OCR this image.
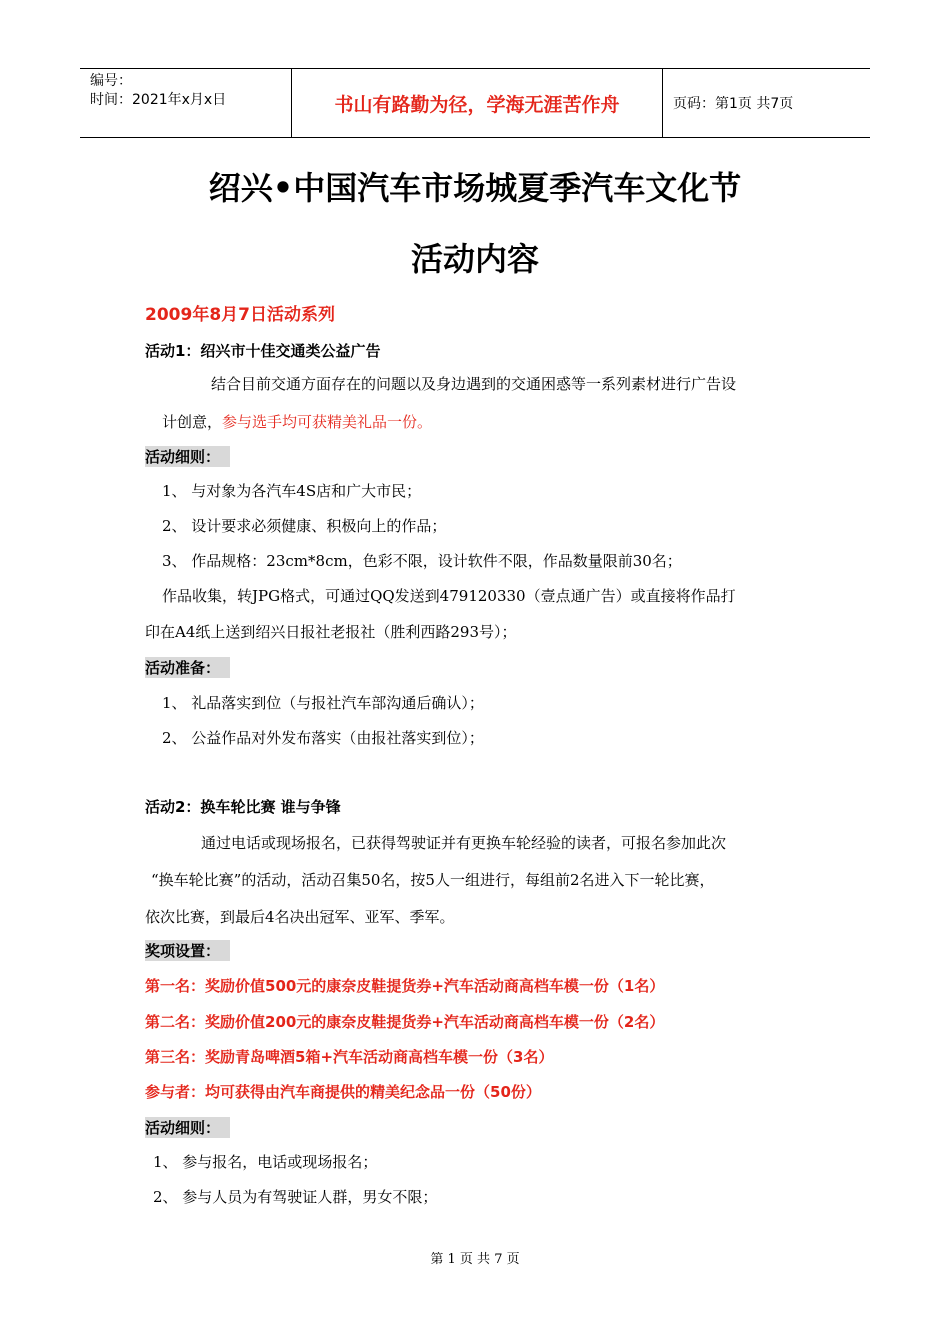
编号：
时间：2021年x月x日	书山有路勤为径，学海无涯苦作舟	页码：第1页 共7页
绍兴•中国汽车市场城夏季汽车文化节
活动内容
2009年8月7日活动系列
活动1：绍兴市十佳交通类公益广告
结合目前交通方面存在的问题以及身边遇到的交通困惑等一系列素材进行广告设
计创意，参与选手均可获精美礼品一份。
活动细则：
1、 与对象为各汽车4S店和广大市民；
2、 设计要求必须健康、积极向上的作品；
3、 作品规格：23cm*8cm，色彩不限，设计软件不限，作品数量限前30名；
作品收集，转JPG格式，可通过QQ发送到479120330（壹点通广告）或直接将作品打
印在A4纸上送到绍兴日报社老报社（胜利西路293号）；
活动准备：
1、 礼品落实到位（与报社汽车部沟通后确认）；
2、 公益作品对外发布落实（由报社落实到位）；
活动2：换车轮比赛 谁与争锋
通过电话或现场报名，已获得驾驶证并有更换车轮经验的读者，可报名参加此次
“换车轮比赛”的活动，活动召集50名，按5人一组进行，每组前2名进入下一轮比赛，
依次比赛，到最后4名决出冠军、亚军、季军。
奖项设置：
第一名：奖励价值500元的康奈皮鞋提货券+汽车活动商高档车模一份（1名）
第二名：奖励价值200元的康奈皮鞋提货券+汽车活动商高档车模一份（2名）
第三名：奖励青岛啤酒5箱+汽车活动商高档车模一份（3名）
参与者：均可获得由汽车商提供的精美纪念品一份（50份）
活动细则：
1、 参与报名，电话或现场报名；
2、 参与人员为有驾驶证人群，男女不限；
第 1 页 共 7 页
